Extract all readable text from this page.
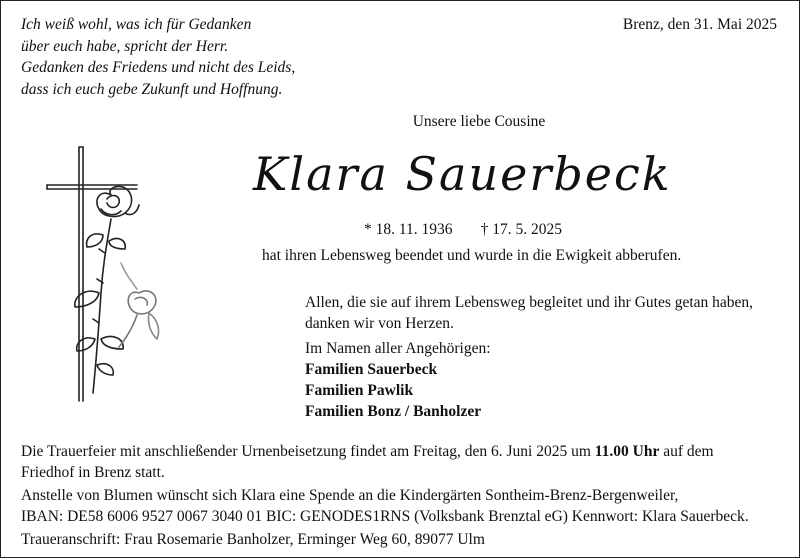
Ich weiß wohl, was ich für Gedanken
über euch habe, spricht der Herr.
Gedanken des Friedens und nicht des Leids,
dass ich euch gebe Zukunft und Hoffnung.
Brenz, den 31. Mai 2025
Unsere liebe Cousine
Klara Sauerbeck
* 18. 11. 1936 † 17. 5. 2025
hat ihren Lebensweg beendet und wurde in die Ewigkeit abberufen.
Allen, die sie auf ihrem Lebensweg begleitet und ihr Gutes getan haben,
danken wir von Herzen.
Im Namen aller Angehörigen:
Familien Sauerbeck
Familien Pawlik
Familien Bonz / Banholzer

Die Trauerfeier mit anschließender Urnenbeisetzung findet am Freitag, den 6. Juni 2025 um 11.00 Uhr auf dem

Friedhof in Brenz statt.

Anstelle von Blumen wünscht sich Klara eine Spende an die Kindergärten Sontheim-Brenz-Bergenweiler,

IBAN: DE58 6006 9527 0067 3040 01 BIC: GENODES1RNS (Volksbank Brenztal eG) Kennwort: Klara Sauerbeck.

Traueranschrift: Frau Rosemarie Banholzer, Erminger Weg 60, 89077 Ulm
